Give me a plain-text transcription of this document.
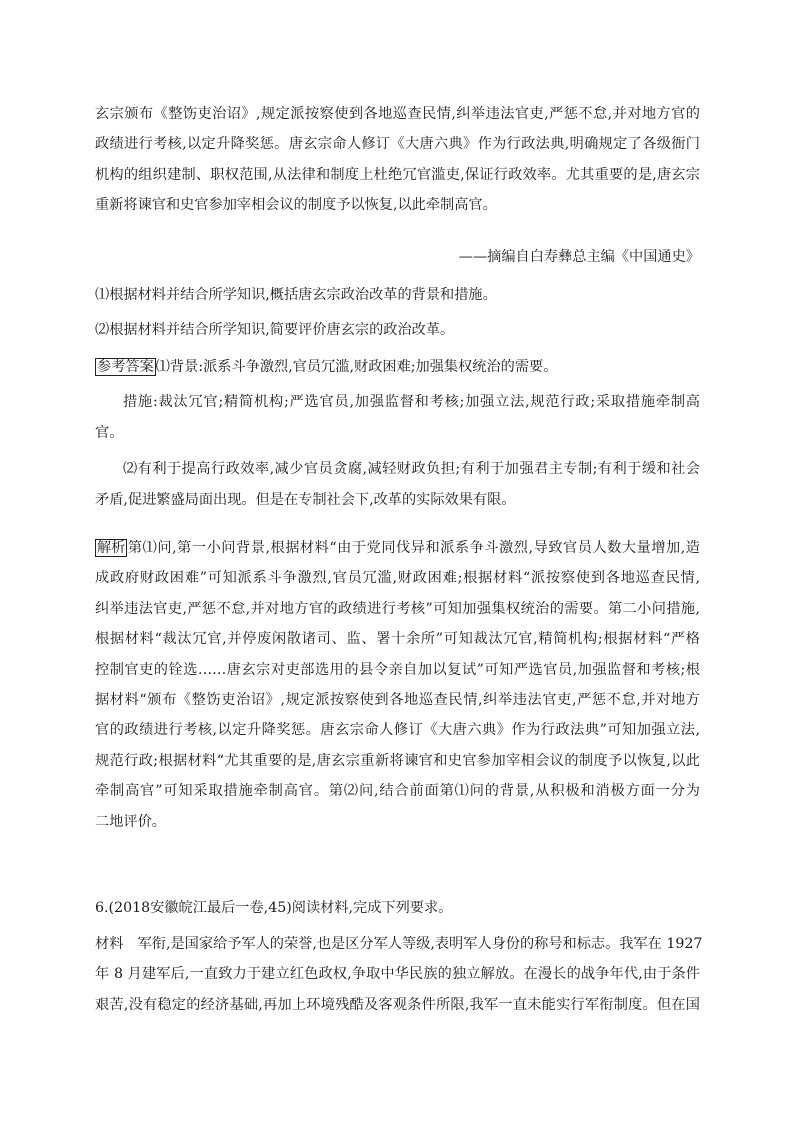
玄宗颁布《整饬吏治诏》,规定派按察使到各地巡查民情,纠举违法官吏,严惩不怠,并对地方官的
政绩进行考核,以定升降奖惩。唐玄宗命人修订《大唐六典》作为行政法典,明确规定了各级衙门
机构的组织建制、职权范围,从法律和制度上杜绝冗官滥吏,保证行政效率。尤其重要的是,唐玄宗
重新将谏官和史官参加宰相会议的制度予以恢复,以此牵制高官。
——摘编自白寿彝总主编《中国通史》
⑴根据材料并结合所学知识,概括唐玄宗政治改革的背景和措施。
⑵根据材料并结合所学知识,简要评价唐玄宗的政治改革。
参考答案 ⑴背景:派系斗争激烈,官员冗滥,财政困难;加强集权统治的需要。
措施:裁汰冗官;精简机构;严选官员,加强监督和考核;加强立法,规范行政;采取措施牵制高
官。
⑵有利于提高行政效率,减少官员贪腐,减轻财政负担;有利于加强君主专制;有利于缓和社会
矛盾,促进繁盛局面出现。但是在专制社会下,改革的实际效果有限。
解析 第⑴问,第一小问背景,根据材料“由于党同伐异和派系争斗激烈,导致官员人数大量增加,造
成政府财政困难”可知派系斗争激烈,官员冗滥,财政困难;根据材料“派按察使到各地巡查民情,
纠举违法官吏,严惩不怠,并对地方官的政绩进行考核”可知加强集权统治的需要。第二小问措施,
根据材料“裁汰冗官,并停废闲散诸司、监、署十余所”可知裁汰冗官,精简机构;根据材料“严格
控制官吏的铨选……唐玄宗对吏部选用的县令亲自加以复试”可知严选官员,加强监督和考核;根
据材料“颁布《整饬吏治诏》,规定派按察使到各地巡查民情,纠举违法官吏,严惩不怠,并对地方
官的政绩进行考核,以定升降奖惩。唐玄宗命人修订《大唐六典》作为行政法典”可知加强立法,
规范行政;根据材料“尤其重要的是,唐玄宗重新将谏官和史官参加宰相会议的制度予以恢复,以此
牵制高官”可知采取措施牵制高官。第⑵问,结合前面第⑴问的背景,从积极和消极方面一分为
二地评价。
6.(2018安徽皖江最后一卷,45)阅读材料,完成下列要求。
材料　军衔,是国家给予军人的荣誉,也是区分军人等级,表明军人身份的称号和标志。我军在 1927
年 8 月建军后,一直致力于建立红色政权,争取中华民族的独立解放。在漫长的战争年代,由于条件
艰苦,没有稳定的经济基础,再加上环境残酷及客观条件所限,我军一直未能实行军衔制度。但在国
